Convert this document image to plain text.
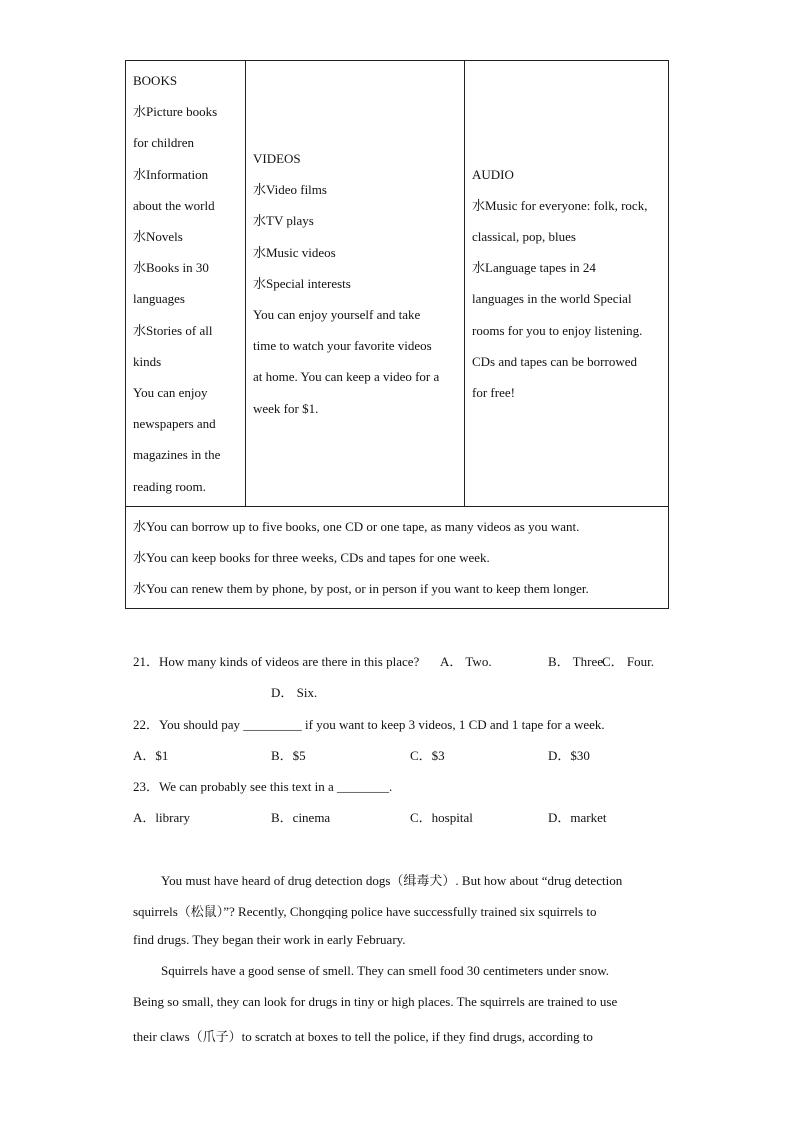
BOOKS

水Picture books

for children

水Information

about the world

水Novels

水Books in 30

languages

水Stories of all

kinds

You can enjoy

newspapers and

magazines in the

reading room.

VIDEOS

水Video films

水TV plays

水Music videos

水Special interests

You can enjoy yourself and take

time to watch your favorite videos

at home. You can keep a video for a

week for $1.

AUDIO

水Music for everyone: folk, rock,

classical, pop, blues

水Language tapes in 24

languages in the world Special

rooms for you to enjoy listening.

CDs and tapes can be borrowed

for free!

水You can borrow up to five books, one CD or one tape, as many videos as you want.

水You can keep books for three weeks, CDs and tapes for one week.

水You can renew them by phone, by post, or in person if you want to keep them longer.

21．How many kinds of videos are there in this place? A． Two.	B． Three.
C． Four.
D． Six.
22．You should pay _________ if you want to keep 3 videos, 1 CD and 1 tape for a week.
A．$1	B．$5	C．$3	D．$30
23．We can probably see this text in a ________.
A．library	B．cinema	C．hospital	D．market
You must have heard of drug detection dogs（缉毒犬）. But how about “drug detection
squirrels（松鼠）”? Recently, Chongqing police have successfully trained six squirrels to
find drugs. They began their work in early February.
Squirrels have a good sense of smell. They can smell food 30 centimeters under snow.
Being so small, they can look for drugs in tiny or high places. The squirrels are trained to use
their claws（爪子）to scratch at boxes to tell the police, if they find drugs, according to
